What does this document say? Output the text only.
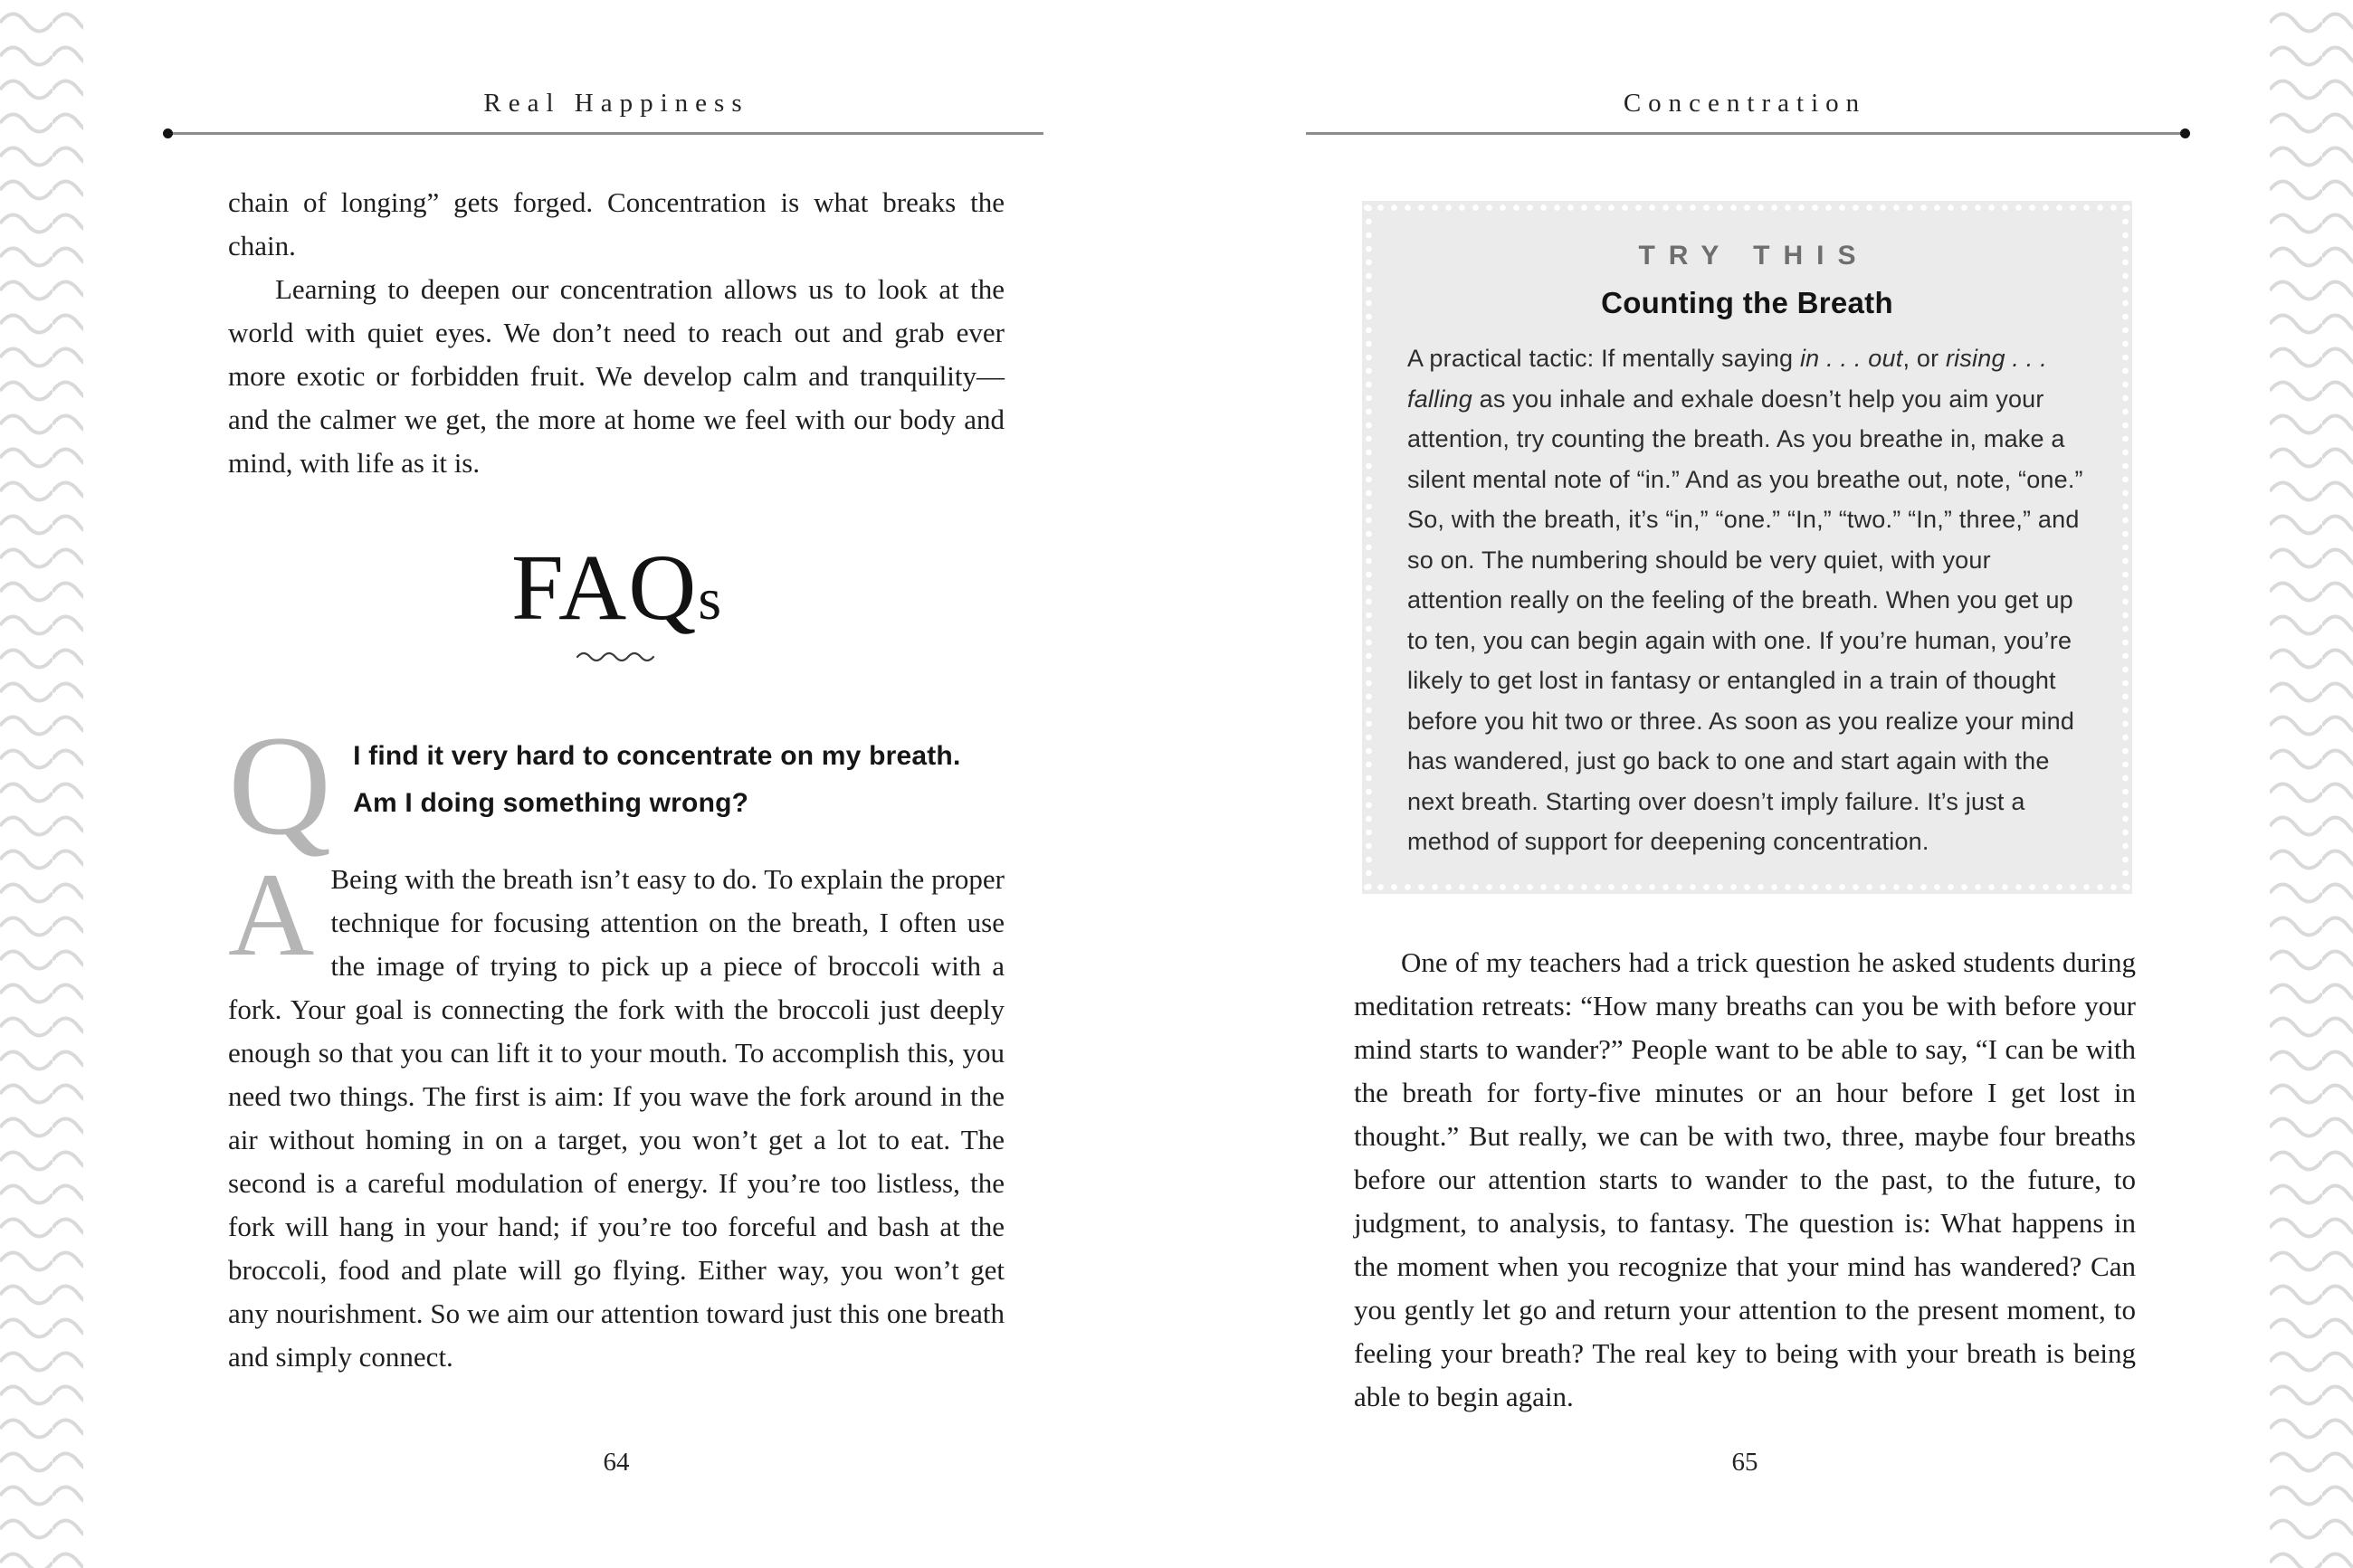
Real Happiness

chain of longing” gets forged. Concentration is what breaks the chain.

Learning to deepen our concentration allows us to look at the world with quiet eyes. We don’t need to reach out and grab ever more exotic or forbidden fruit. We develop calm and tranquility—and the calmer we get, the more at home we feel with our body and mind, with life as it is.

FAQs
Q I find it very hard to concentrate on my breath.
Am I doing something wrong?

A Being with the breath isn’t easy to do. To explain the proper technique for focusing attention on the breath, I often use the image of trying to pick up a piece of broccoli with a fork. Your goal is connecting the fork with the broccoli just deeply enough so that you can lift it to your mouth. To accomplish this, you need two things. The first is aim: If you wave the fork around in the air without homing in on a target, you won’t get a lot to eat. The second is a careful modulation of energy. If you’re too listless, the fork will hang in your hand; if you’re too forceful and bash at the broccoli, food and plate will go flying. Either way, you won’t get any nourishment. So we aim our attention toward just this one breath and simply connect.

64
Concentration
TRY THIS
Counting the Breath
A practical tactic: If mentally saying in . . . out, or rising . . . falling as you inhale and exhale doesn’t help you aim your attention, try counting the breath. As you breathe in, make a silent mental note of “in.” And as you breathe out, note, “one.” So, with the breath, it’s “in,” “one.” “In,” “two.” “In,” three,” and so on. The numbering should be very quiet, with your attention really on the feeling of the breath. When you get up to ten, you can begin again with one. If you’re human, you’re likely to get lost in fantasy or entangled in a train of thought before you hit two or three. As soon as you realize your mind has wandered, just go back to one and start again with the next breath. Starting over doesn’t imply failure. It’s just a method of support for deepening concentration.

One of my teachers had a trick question he asked students during meditation retreats: “How many breaths can you be with before your mind starts to wander?” People want to be able to say, “I can be with the breath for forty-five minutes or an hour before I get lost in thought.” But really, we can be with two, three, maybe four breaths before our attention starts to wander to the past, to the future, to judgment, to analysis, to fantasy. The question is: What happens in the moment when you recognize that your mind has wandered? Can you gently let go and return your attention to the present moment, to feeling your breath? The real key to being with your breath is being able to begin again.

65
